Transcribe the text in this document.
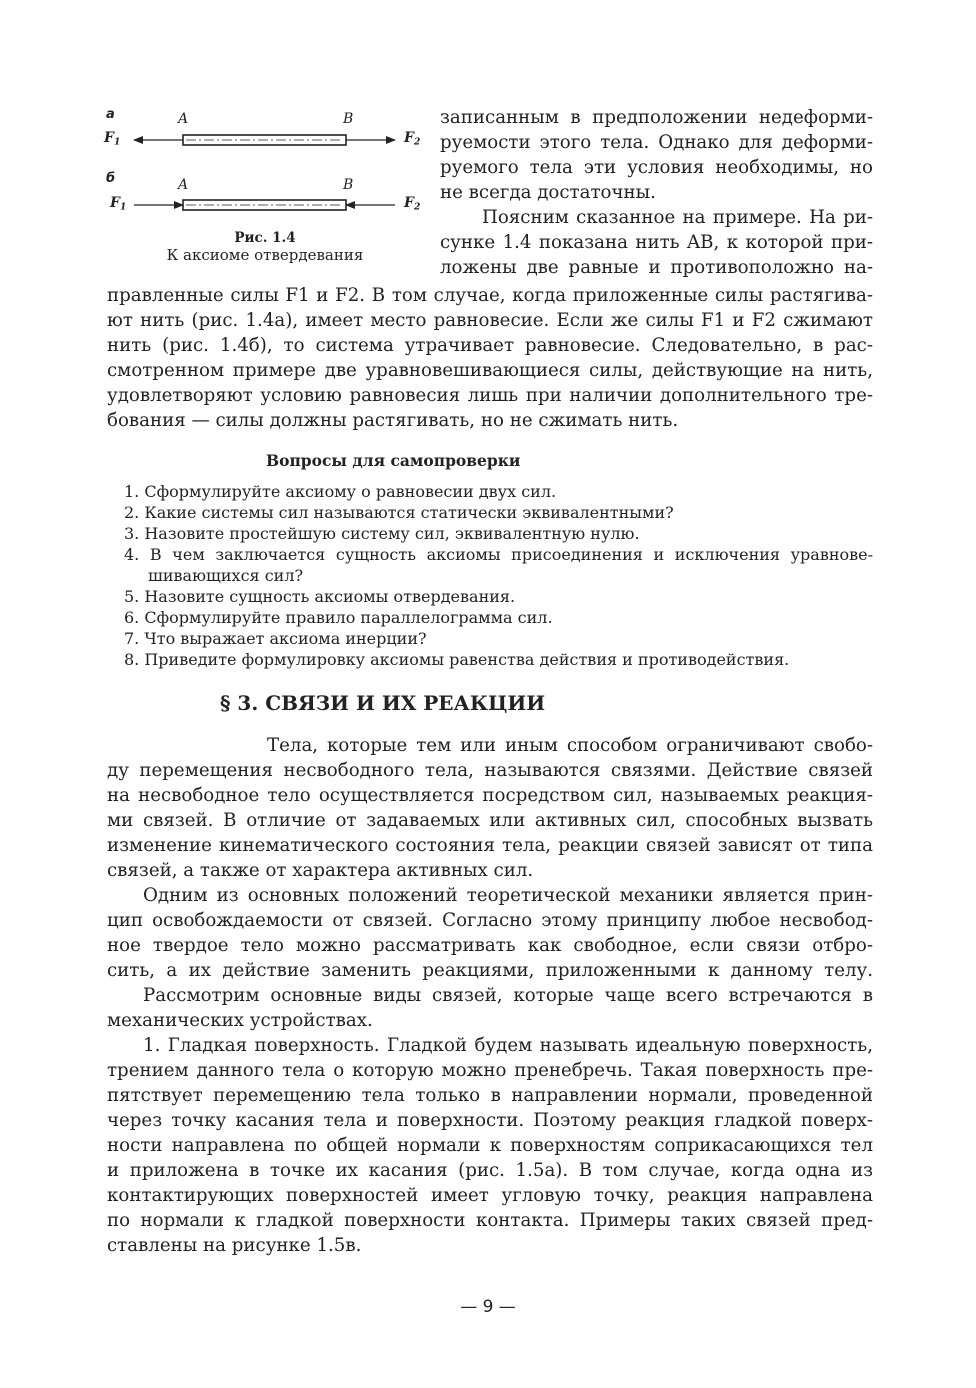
а	A	B
$F_1$	$F_2$
б	A	B
$F_1$	$F_2$
Рис. 1.4
К аксиоме отвердевания
записанным в предположении недеформи-
руемости этого тела. Однако для деформи-
руемого тела эти условия необходимы, но
не всегда достаточны.
Поясним сказанное на примере. На ри-
сунке 1.4 показана нить AB, к которой при-
ложены две равные и противоположно на-
правленные силы F1 и F2. В том случае, когда приложенные силы растягива-
ют нить (рис. 1.4а), имеет место равновесие. Если же силы F1 и F2 сжимают
нить (рис. 1.4б), то система утрачивает равновесие. Следовательно, в рас-
смотренном примере две уравновешивающиеся силы, действующие на нить,
удовлетворяют условию равновесия лишь при наличии дополнительного тре-
бования — силы должны растягивать, но не сжимать нить.
Вопросы для самопроверки
1. Сформулируйте аксиому о равновесии двух сил.
2. Какие системы сил называются статически эквивалентными?
3. Назовите простейшую систему сил, эквивалентную нулю.
4. В чем заключается сущность аксиомы присоединения и исключения уравнове-
шивающихся сил?
5. Назовите сущность аксиомы отвердевания.
6. Сформулируйте правило параллелограмма сил.
7. Что выражает аксиома инерции?
8. Приведите формулировку аксиомы равенства действия и противодействия.
§ 3. СВЯЗИ И ИХ РЕАКЦИИ
Тела, которые тем или иным способом ограничивают свобо-
ду перемещения несвободного тела, называются связями. Действие связей
на несвободное тело осуществляется посредством сил, называемых реакция-
ми связей. В отличие от задаваемых или активных сил, способных вызвать
изменение кинематического состояния тела, реакции связей зависят от типа
связей, а также от характера активных сил.
Одним из основных положений теоретической механики является прин-
цип освобождаемости от связей. Согласно этому принципу любое несвобод-
ное твердое тело можно рассматривать как свободное, если связи отбро-
сить, а их действие заменить реакциями, приложенными к данному телу.
Рассмотрим основные виды связей, которые чаще всего встречаются в
механических устройствах.
1. Гладкая поверхность. Гладкой будем называть идеальную поверхность,
трением данного тела о которую можно пренебречь. Такая поверхность пре-
пятствует перемещению тела только в направлении нормали, проведенной
через точку касания тела и поверхности. Поэтому реакция гладкой поверх-
ности направлена по общей нормали к поверхностям соприкасающихся тел
и приложена в точке их касания (рис. 1.5а). В том случае, когда одна из
контактирующих поверхностей имеет угловую точку, реакция направлена
по нормали к гладкой поверхности контакта. Примеры таких связей пред-
ставлены на рисунке 1.5в.
— 9 —
